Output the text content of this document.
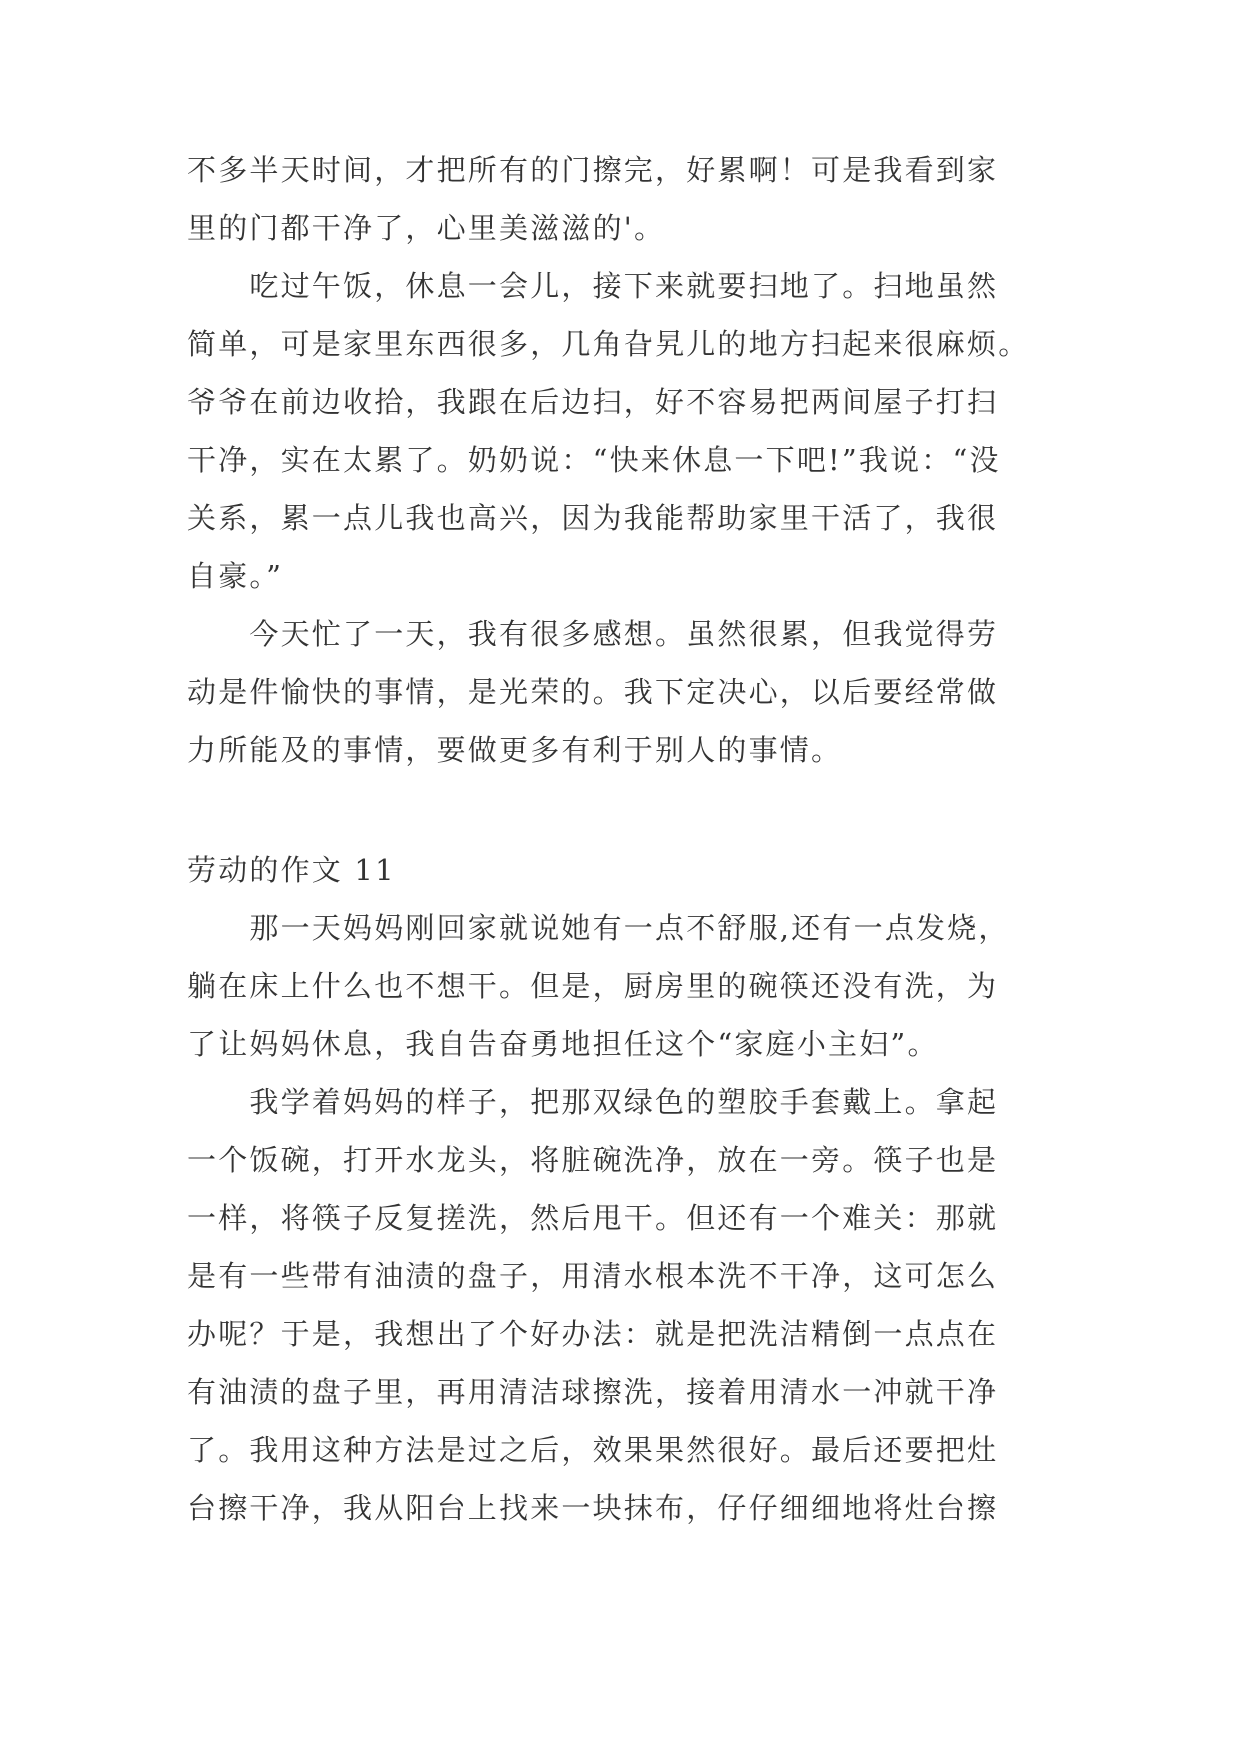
不多半天时间，才把所有的门擦完，好累啊！可是我看到家
里的门都干净了，心里美滋滋的'。
　　吃过午饭，休息一会儿，接下来就要扫地了。扫地虽然
简单，可是家里东西很多，几角旮旯儿的地方扫起来很麻烦。
爷爷在前边收拾，我跟在后边扫，好不容易把两间屋子打扫
干净，实在太累了。奶奶说：“快来休息一下吧!”我说：“没
关系，累一点儿我也高兴，因为我能帮助家里干活了，我很
自豪。”
　　今天忙了一天，我有很多感想。虽然很累，但我觉得劳
动是件愉快的事情，是光荣的。我下定决心，以后要经常做
力所能及的事情，要做更多有利于别人的事情。
劳动的作文 11
　　那一天妈妈刚回家就说她有一点不舒服,还有一点发烧，
躺在床上什么也不想干。但是，厨房里的碗筷还没有洗，为
了让妈妈休息，我自告奋勇地担任这个“家庭小主妇”。
　　我学着妈妈的样子，把那双绿色的塑胶手套戴上。拿起
一个饭碗，打开水龙头，将脏碗洗净，放在一旁。筷子也是
一样，将筷子反复搓洗，然后甩干。但还有一个难关：那就
是有一些带有油渍的盘子，用清水根本洗不干净，这可怎么
办呢？于是，我想出了个好办法：就是把洗洁精倒一点点在
有油渍的盘子里，再用清洁球擦洗，接着用清水一冲就干净
了。我用这种方法是过之后，效果果然很好。最后还要把灶
台擦干净，我从阳台上找来一块抹布，仔仔细细地将灶台擦
